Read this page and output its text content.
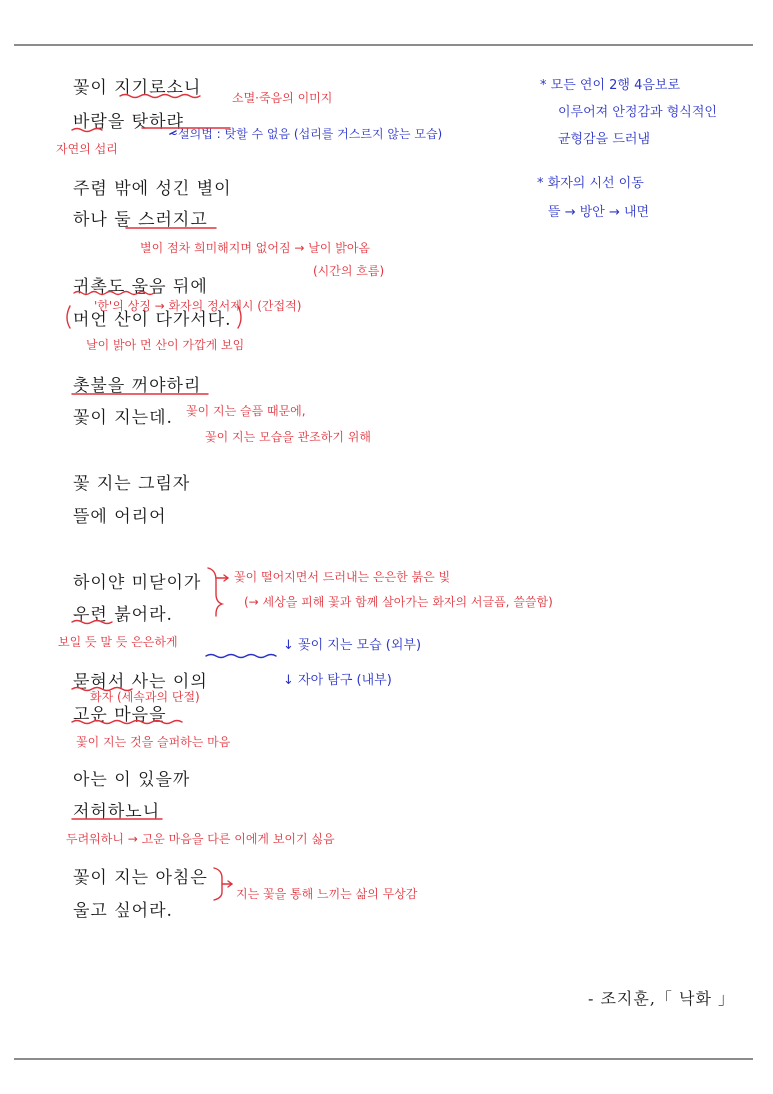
꽃이 지기로소니
바람을 탓하랴
주렴 밖에 성긴 별이
하나 둘 스러지고
귀촉도 울음 뒤에
머언 산이 다가서다.
촛불을 꺼야하리
꽃이 지는데.
꽃 지는 그림자
뜰에 어리어
하이얀 미닫이가
우련 붉어라.
묻혀서 사는 이의
고운 마음을
아는 이 있을까
저허하노니
꽃이 지는 아침은
울고 싶어라.
소멸·죽음의 이미지
~설의법 : 탓할 수 없음 (섭리를 거스르지 않는 모습)
자연의 섭리
별이 점차 희미해지며 없어짐 → 날이 밝아옴
(시간의 흐름)
'한'의 상징 → 화자의 정서제시 (간접적)
날이 밝아 먼 산이 가깝게 보임
꽃이 지는 슬픔 때문에,
꽃이 지는 모습을 관조하기 위해
꽃이 떨어지면서 드러내는 은은한 붉은 빛
(→ 세상을 피해 꽃과 함께 살아가는 화자의 서글픔, 쓸쓸함)
보일 듯 말 듯 은은하게
화자 (세속과의 단절)
꽃이 지는 것을 슬퍼하는 마음
두려워하니 → 고운 마음을 다른 이에게 보이기 싫음
지는 꽃을 통해 느끼는 삶의 무상감
* 모든 연이 2행 4음보로
이루어져 안정감과 형식적인
균형감을 드러냄
* 화자의 시선 이동
뜰 → 방안 → 내면
↓ 꽃이 지는 모습 (외부)
↓ 자아 탐구 (내부)
- 조지훈,「 낙화 」
